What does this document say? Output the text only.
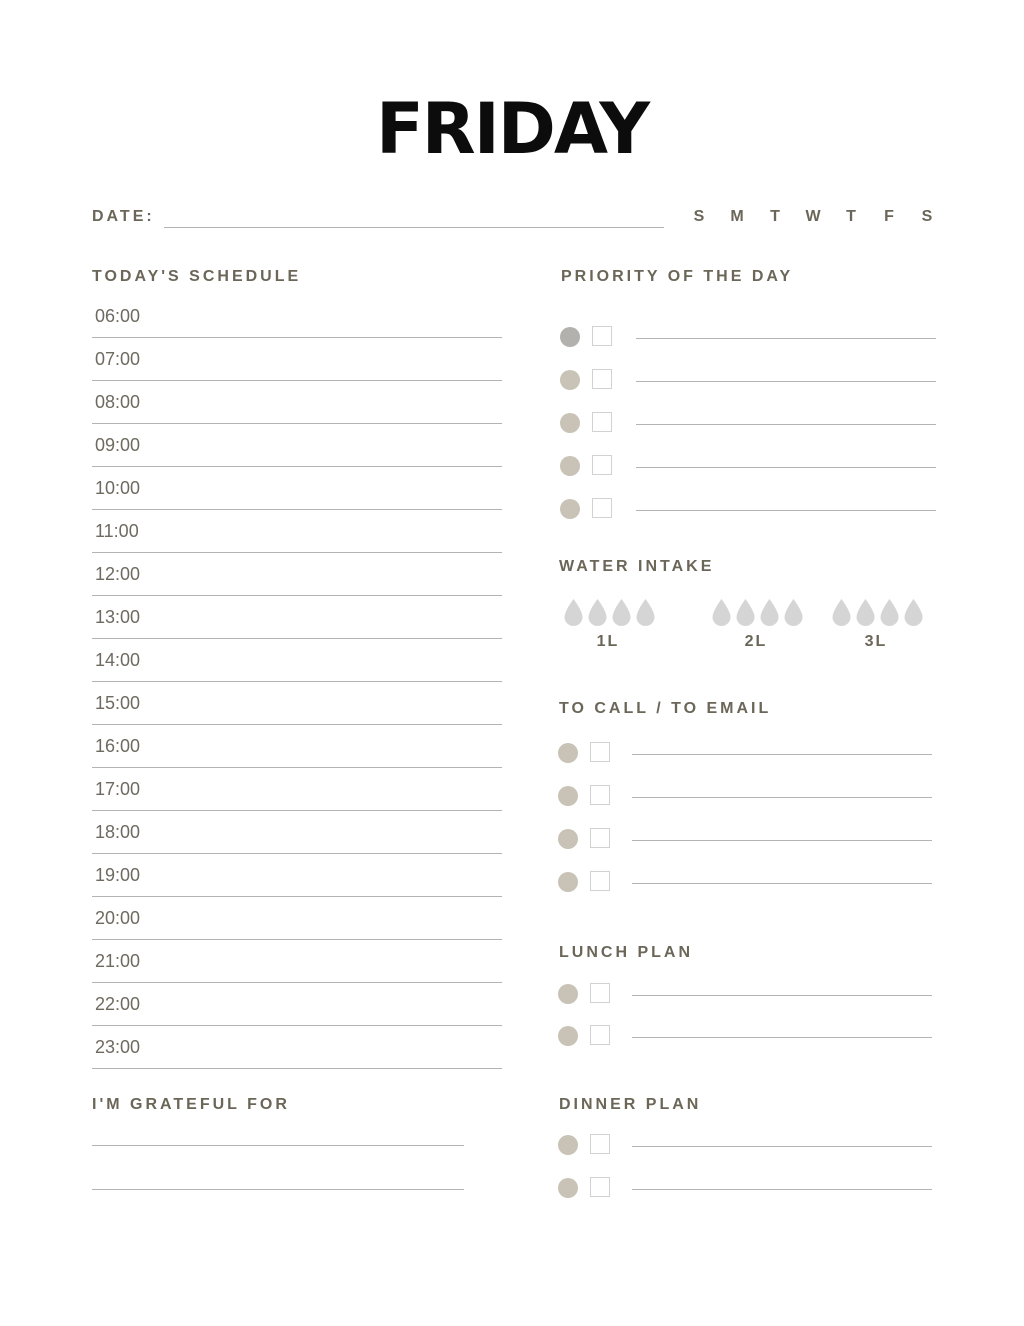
FRIDAY
DATE:	S	M	T	W	T	F	S
TODAY'S SCHEDULE
06:00
07:00
08:00
09:00
10:00
11:00
12:00
13:00
14:00
15:00
16:00
17:00
18:00
19:00
20:00
21:00
22:00
23:00
PRIORITY OF THE DAY
WATER INTAKE
1L	2L	3L
TO CALL / TO EMAIL
LUNCH PLAN
I'M GRATEFUL FOR	DINNER PLAN
